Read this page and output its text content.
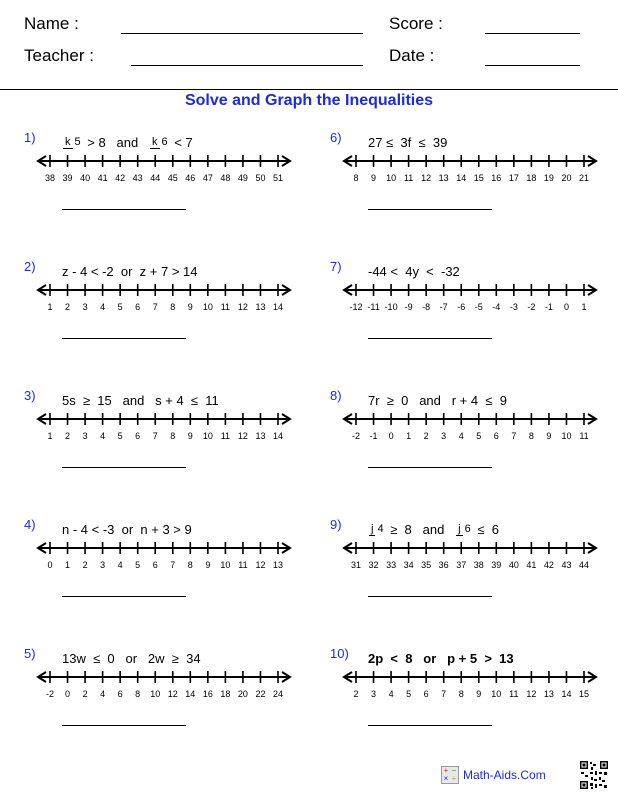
Name :
Teacher :
Score :
Date :
Solve and Graph the Inequalities
1)	k 5 > 8   and k 6 < 7
38 39 40 41 42 43 44 45 46 47 48 49 50 51
2) z - 4 < -2  or  z + 7 > 14
1 2 3 4 5 6 7 8 9 10 11 12 13 14
3) 5s  ≥  15   and   s + 4  ≤  11
1 2 3 4 5 6 7 8 9 10 11 12 13 14
4) n - 4 < -3  or  n + 3 > 9
0 1 2 3 4 5 6 7 8 9 10 11 12 13
5) 13w  ≤  0   or   2w  ≥  34
-2 0 2 4 6 8 10 12 14 16 18 20 22 24
6) 27 ≤  3f  ≤  39
8 9 10 11 12 13 14 15 16 17 18 19 20 21
7) -44 <  4y  <  -32
-12 -11 -10 -9 -8 -7 -6 -5 -4 -3 -2 -1 0 1
8) 7r  ≥  0   and   r + 4  ≤  9
-2 -1 0 1 2 3 4 5 6 7 8 9 10 11
9)	j 4 ≥  8   and j 6 ≤  6
31 32 33 34 35 36 37 38 39 40 41 42 43 44
10) 2p  <  8   or   p + 5  >  13
2 3 4 5 6 7 8 9 10 11 12 13 14 15
+ −
× ÷ Math-Aids.Com
